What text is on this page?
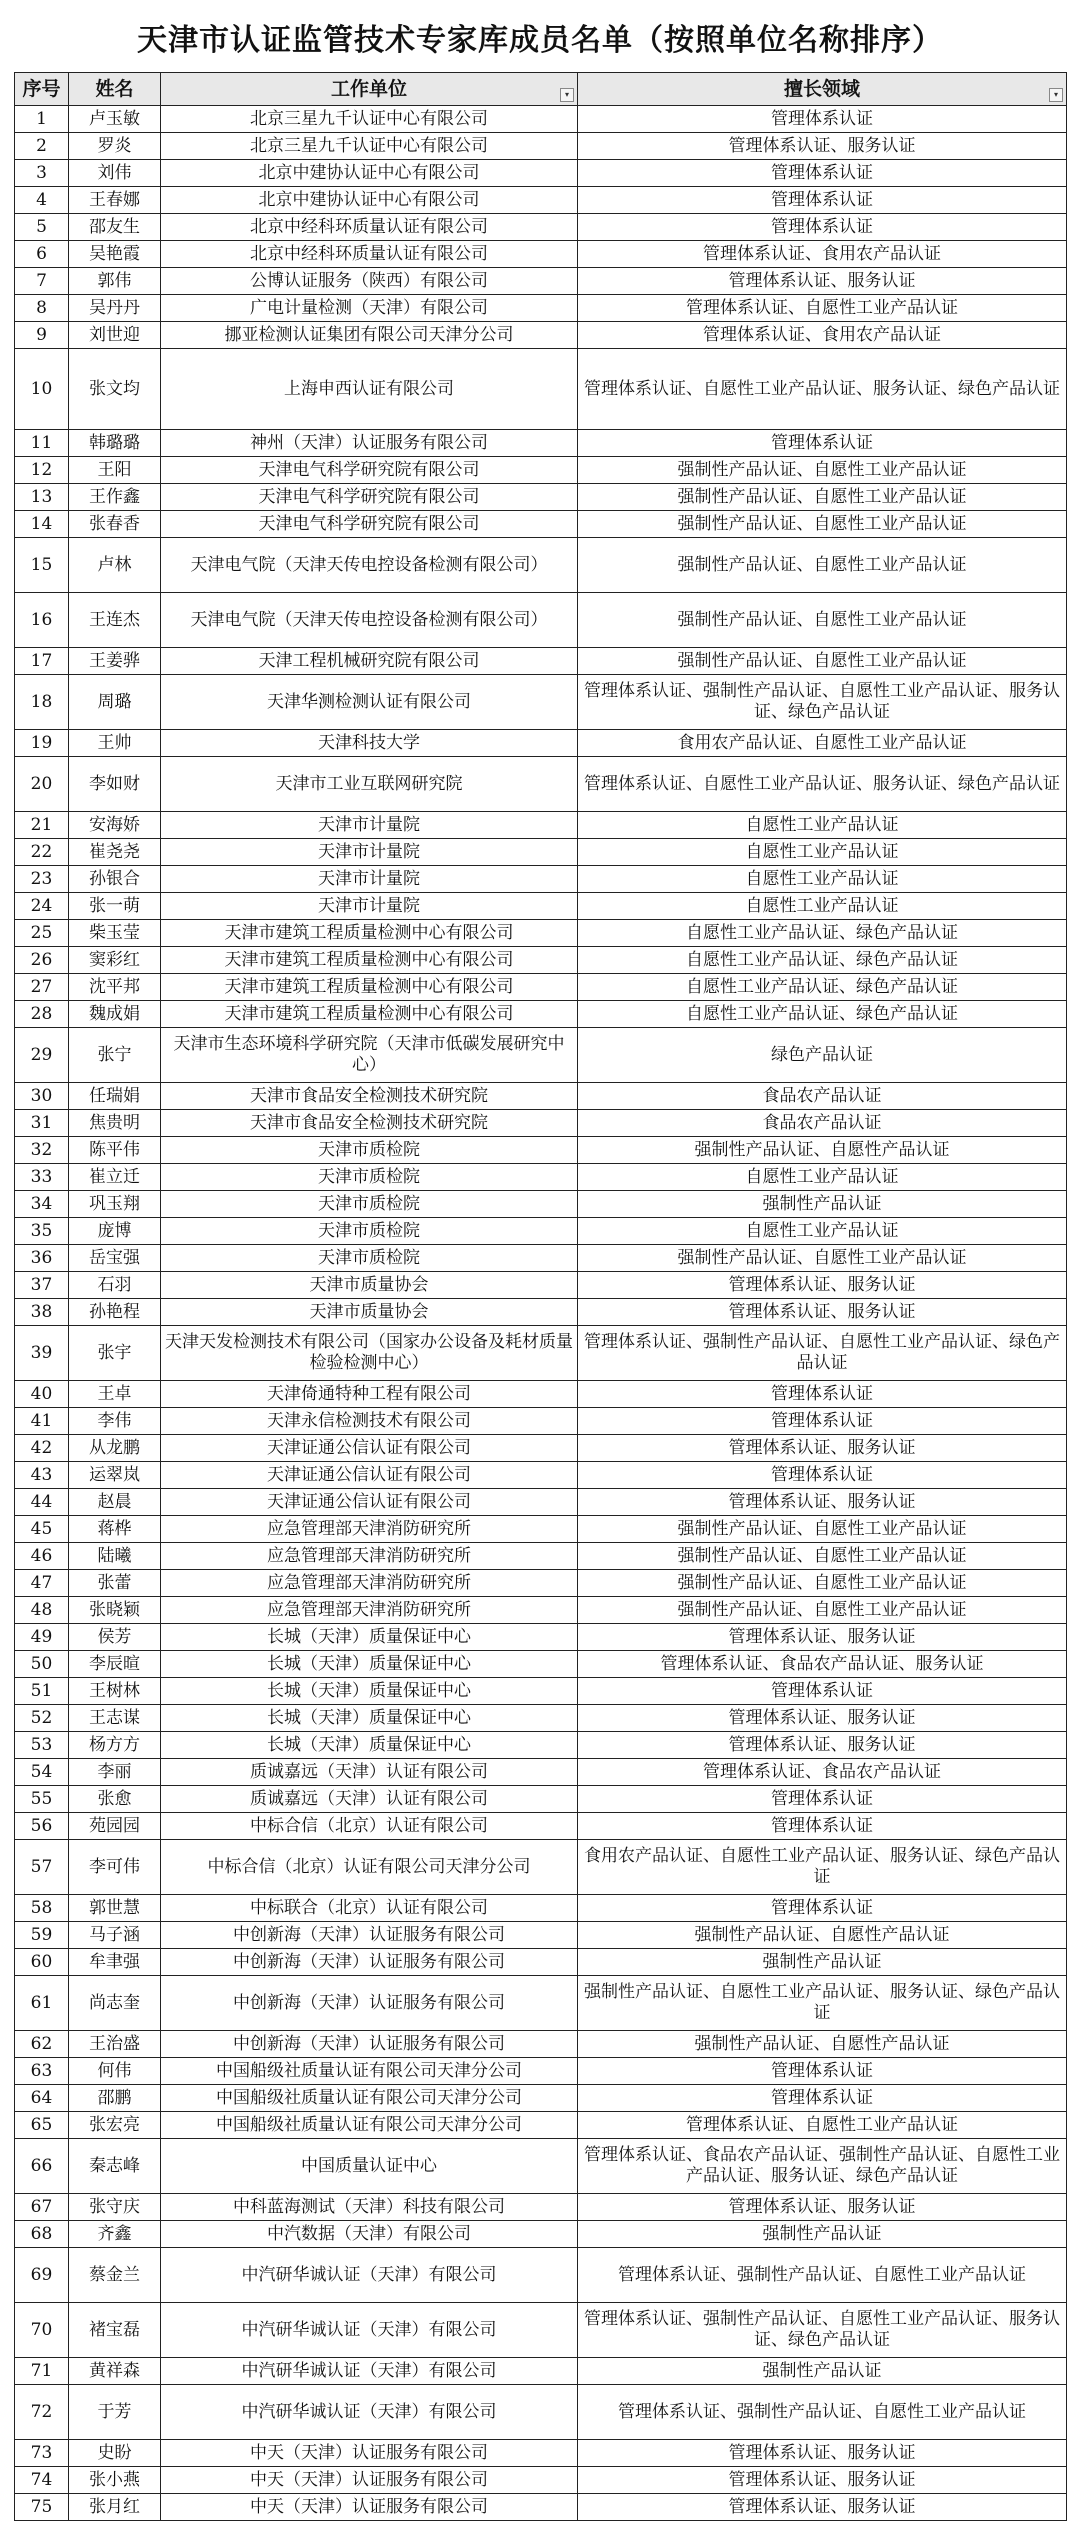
天津市认证监管技术专家库成员名单（按照单位名称排序）
序号	姓名	工作单位 ▾	擅长领域 ▾

1	卢玉敏	北京三星九千认证中心有限公司	管理体系认证
2	罗炎	北京三星九千认证中心有限公司	管理体系认证、服务认证
3	刘伟	北京中建协认证中心有限公司	管理体系认证
4	王春娜	北京中建协认证中心有限公司	管理体系认证
5	邵友生	北京中经科环质量认证有限公司	管理体系认证
6	吴艳霞	北京中经科环质量认证有限公司	管理体系认证、食用农产品认证
7	郭伟	公博认证服务（陕西）有限公司	管理体系认证、服务认证
8	吴丹丹	广电计量检测（天津）有限公司	管理体系认证、自愿性工业产品认证
9	刘世迎	挪亚检测认证集团有限公司天津分公司	管理体系认证、食用农产品认证
10	张文均	上海申西认证有限公司	管理体系认证、自愿性工业产品认证、服务认证、绿色产品认证
11	韩璐璐	神州（天津）认证服务有限公司	管理体系认证
12	王阳	天津电气科学研究院有限公司	强制性产品认证、自愿性工业产品认证
13	王作鑫	天津电气科学研究院有限公司	强制性产品认证、自愿性工业产品认证
14	张春香	天津电气科学研究院有限公司	强制性产品认证、自愿性工业产品认证
15	卢林	天津电气院（天津天传电控设备检测有限公司）	强制性产品认证、自愿性工业产品认证
16	王连杰	天津电气院（天津天传电控设备检测有限公司）	强制性产品认证、自愿性工业产品认证
17	王姜骅	天津工程机械研究院有限公司	强制性产品认证、自愿性工业产品认证
18	周璐	天津华测检测认证有限公司	管理体系认证、强制性产品认证、自愿性工业产品认证、服务认证、绿色产品认证
19	王帅	天津科技大学	食用农产品认证、自愿性工业产品认证
20	李如财	天津市工业互联网研究院	管理体系认证、自愿性工业产品认证、服务认证、绿色产品认证
21	安海娇	天津市计量院	自愿性工业产品认证
22	崔尧尧	天津市计量院	自愿性工业产品认证
23	孙银合	天津市计量院	自愿性工业产品认证
24	张一萌	天津市计量院	自愿性工业产品认证
25	柴玉莹	天津市建筑工程质量检测中心有限公司	自愿性工业产品认证、绿色产品认证
26	窦彩红	天津市建筑工程质量检测中心有限公司	自愿性工业产品认证、绿色产品认证
27	沈平邦	天津市建筑工程质量检测中心有限公司	自愿性工业产品认证、绿色产品认证
28	魏成娟	天津市建筑工程质量检测中心有限公司	自愿性工业产品认证、绿色产品认证
29	张宁	天津市生态环境科学研究院（天津市低碳发展研究中心）	绿色产品认证
30	任瑞娟	天津市食品安全检测技术研究院	食品农产品认证
31	焦贵明	天津市食品安全检测技术研究院	食品农产品认证
32	陈平伟	天津市质检院	强制性产品认证、自愿性产品认证
33	崔立迁	天津市质检院	自愿性工业产品认证
34	巩玉翔	天津市质检院	强制性产品认证
35	庞博	天津市质检院	自愿性工业产品认证
36	岳宝强	天津市质检院	强制性产品认证、自愿性工业产品认证
37	石羽	天津市质量协会	管理体系认证、服务认证
38	孙艳程	天津市质量协会	管理体系认证、服务认证
39	张宇	天津天发检测技术有限公司（国家办公设备及耗材质量检验检测中心）	管理体系认证、强制性产品认证、自愿性工业产品认证、绿色产品认证
40	王卓	天津倚通特种工程有限公司	管理体系认证
41	李伟	天津永信检测技术有限公司	管理体系认证
42	从龙鹏	天津证通公信认证有限公司	管理体系认证、服务认证
43	运翠岚	天津证通公信认证有限公司	管理体系认证
44	赵晨	天津证通公信认证有限公司	管理体系认证、服务认证
45	蒋桦	应急管理部天津消防研究所	强制性产品认证、自愿性工业产品认证
46	陆曦	应急管理部天津消防研究所	强制性产品认证、自愿性工业产品认证
47	张蕾	应急管理部天津消防研究所	强制性产品认证、自愿性工业产品认证
48	张晓颖	应急管理部天津消防研究所	强制性产品认证、自愿性工业产品认证
49	侯芳	长城（天津）质量保证中心	管理体系认证、服务认证
50	李辰暄	长城（天津）质量保证中心	管理体系认证、食品农产品认证、服务认证
51	王树林	长城（天津）质量保证中心	管理体系认证
52	王志谋	长城（天津）质量保证中心	管理体系认证、服务认证
53	杨方方	长城（天津）质量保证中心	管理体系认证、服务认证
54	李丽	质诚嘉远（天津）认证有限公司	管理体系认证、食品农产品认证
55	张愈	质诚嘉远（天津）认证有限公司	管理体系认证
56	苑园园	中标合信（北京）认证有限公司	管理体系认证
57	李可伟	中标合信（北京）认证有限公司天津分公司	食用农产品认证、自愿性工业产品认证、服务认证、绿色产品认证
58	郭世慧	中标联合（北京）认证有限公司	管理体系认证
59	马子涵	中创新海（天津）认证服务有限公司	强制性产品认证、自愿性产品认证
60	牟聿强	中创新海（天津）认证服务有限公司	强制性产品认证
61	尚志奎	中创新海（天津）认证服务有限公司	强制性产品认证、自愿性工业产品认证、服务认证、绿色产品认证
62	王治盛	中创新海（天津）认证服务有限公司	强制性产品认证、自愿性产品认证
63	何伟	中国船级社质量认证有限公司天津分公司	管理体系认证
64	邵鹏	中国船级社质量认证有限公司天津分公司	管理体系认证
65	张宏亮	中国船级社质量认证有限公司天津分公司	管理体系认证、自愿性工业产品认证
66	秦志峰	中国质量认证中心	管理体系认证、食品农产品认证、强制性产品认证、自愿性工业产品认证、服务认证、绿色产品认证
67	张守庆	中科蓝海测试（天津）科技有限公司	管理体系认证、服务认证
68	齐鑫	中汽数据（天津）有限公司	强制性产品认证
69	蔡金兰	中汽研华诚认证（天津）有限公司	管理体系认证、强制性产品认证、自愿性工业产品认证
70	褚宝磊	中汽研华诚认证（天津）有限公司	管理体系认证、强制性产品认证、自愿性工业产品认证、服务认证、绿色产品认证
71	黄祥森	中汽研华诚认证（天津）有限公司	强制性产品认证
72	于芳	中汽研华诚认证（天津）有限公司	管理体系认证、强制性产品认证、自愿性工业产品认证
73	史盼	中天（天津）认证服务有限公司	管理体系认证、服务认证
74	张小燕	中天（天津）认证服务有限公司	管理体系认证、服务认证
75	张月红	中天（天津）认证服务有限公司	管理体系认证、服务认证
